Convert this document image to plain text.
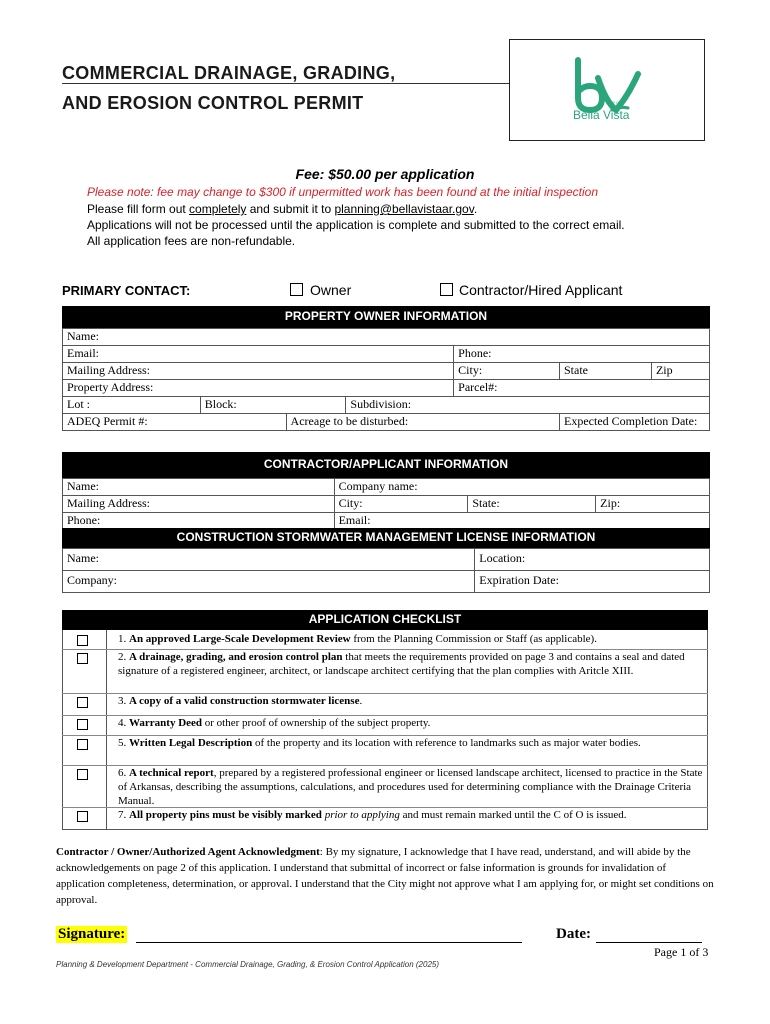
COMMERCIAL DRAINAGE, GRADING,
AND EROSION CONTROL PERMIT	CITY OF
Bella Vista
Fee: $50.00 per application
Please note: fee may change to $300 if unpermitted work has been found at the initial inspection
Please fill form out completely and submit it to planning@bellavistaar.gov.
Applications will not be processed until the application is complete and submitted to the correct email.
All application fees are non-refundable.
PRIMARY CONTACT:	Owner	Contractor/Hired Applicant
PROPERTY OWNER INFORMATION
Name:						
Email:				Phone:		
Mailing Address:				City:	State	Zip
Property Address:				Parcel#:		
Lot :	Block:		Subdivision:			
ADEQ Permit #:		Acreage to be disturbed:			Expected Completion Date:	
CONTRACTOR/APPLICANT INFORMATION
Name:	Company name:		
Mailing Address:	City:	State:	Zip:
Phone:	Email:		
CONSTRUCTION STORMWATER MANAGEMENT LICENSE INFORMATION
Name:	Location:
Company:	Expiration Date:
APPLICATION CHECKLIST
1. An approved Large-Scale Development Review from the Planning Commission or Staff (as applicable).
2. A drainage, grading, and erosion control plan that meets the requirements provided on page 3 and contains a seal and dated signature of a registered engineer, architect, or landscape architect certifying that the plan complies with Aritcle XIII.
3. A copy of a valid construction stormwater license.
4. Warranty Deed or other proof of ownership of the subject property.
5. Written Legal Description of the property and its location with reference to landmarks such as major water bodies.
6. A technical report, prepared by a registered professional engineer or licensed landscape architect, licensed to practice in the State of Arkansas, describing the assumptions, calculations, and procedures used for determining compliance with the Drainage Criteria Manual.
7. All property pins must be visibly marked prior to applying and must remain marked until the C of O is issued.
Contractor / Owner/Authorized Agent Acknowledgment: By my signature, I acknowledge that I have read, understand, and will abide by the acknowledgements on page 2 of this application. I understand that submittal of incorrect or false information is grounds for invalidation of application completeness, determination, or approval. I understand that the City might not approve what I am applying for, or might set conditions on approval.
Signature:	Date:
Page 1 of 3
Planning & Development Department - Commercial Drainage, Grading, & Erosion Control Application (2025)
